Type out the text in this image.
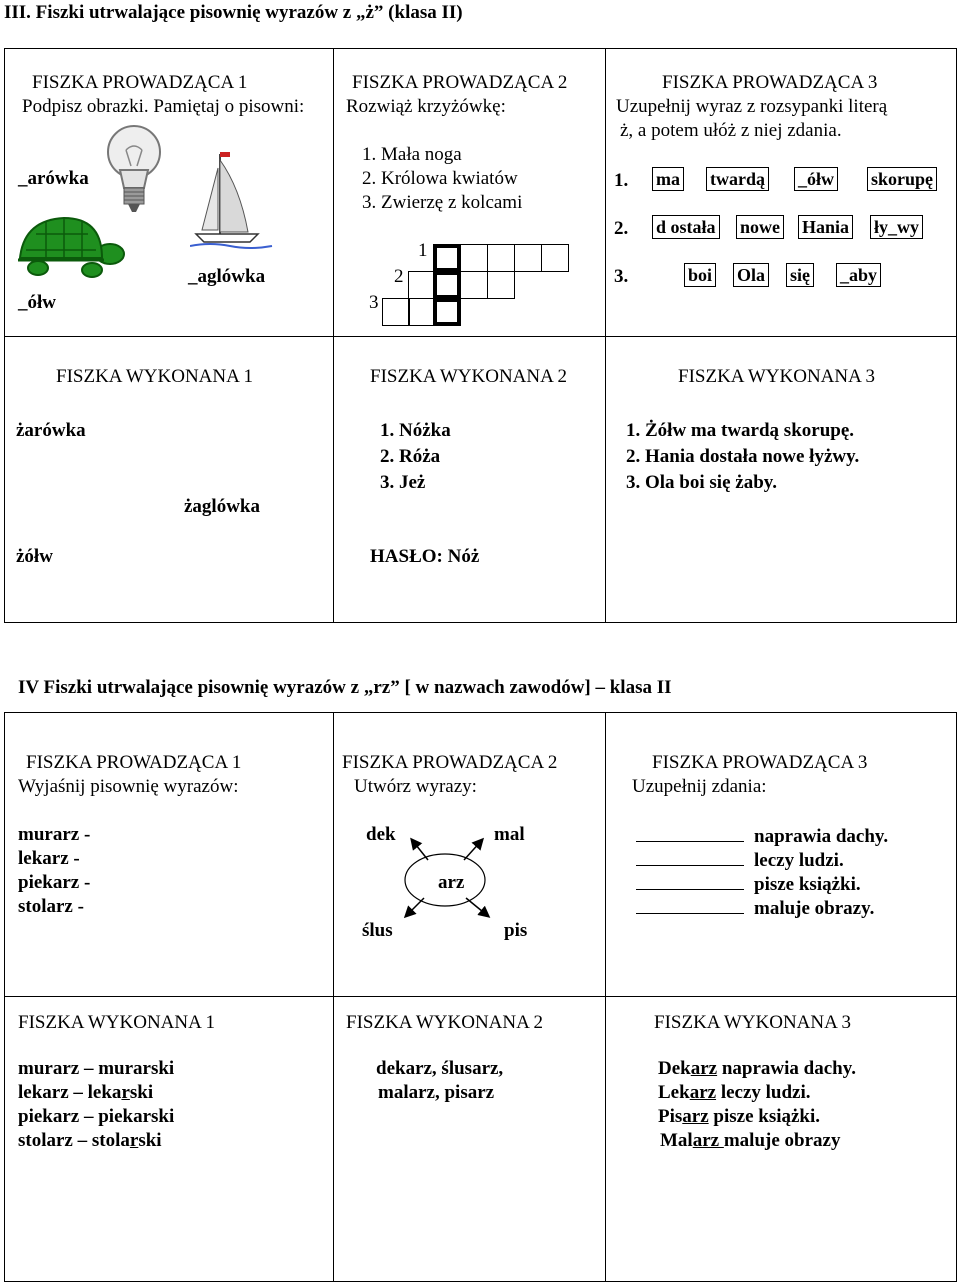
III. Fiszki utrwalające pisownię wyrazów z „ż” (klasa II)
FISZKA PROWADZĄCA 1
Podpisz obrazki. Pamiętaj o pisowni:
_arówka
_aglówka
_ółw
FISZKA PROWADZĄCA 2
Rozwiąż krzyżówkę:
1. Mała noga
2. Królowa kwiatów
3. Zwierzę z kolcami
1
2
3
FISZKA PROWADZĄCA 3
Uzupełnij wyraz z rozsypanki literą
ż, a potem ułóż z niej zdania.
1. ma twardą _ółw skorupę
2. d ostała nowe Hania ły_wy
3.	boi Ola się _aby
FISZKA WYKONANA 1
żarówka
żaglówka
żółw
FISZKA WYKONANA 2
1. Nóżka
2. Róża
3. Jeż
HASŁO: Nóż
FISZKA WYKONANA 3
1. Żółw ma twardą skorupę.
2. Hania dostała nowe łyżwy.
3. Ola boi się żaby.
IV Fiszki utrwalające pisownię wyrazów z „rz” [ w nazwach zawodów] – klasa II
FISZKA PROWADZĄCA 1
Wyjaśnij pisownię wyrazów:
murarz -
lekarz -
piekarz -
stolarz -
FISZKA PROWADZĄCA 2
Utwórz wyrazy:
arz
dek	mal
ślus	pis
FISZKA PROWADZĄCA 3
Uzupełnij zdania:
naprawia dachy.
leczy ludzi.
pisze książki.
maluje obrazy.
FISZKA WYKONANA 1
murarz – murarski
lekarz – lekarski
piekarz – piekarski
stolarz – stolarski
FISZKA WYKONANA 2
dekarz, ślusarz,
malarz, pisarz
FISZKA WYKONANA 3
Dekarz naprawia dachy.
Lekarz leczy ludzi.
Pisarz pisze książki.
Malarz maluje obrazy
